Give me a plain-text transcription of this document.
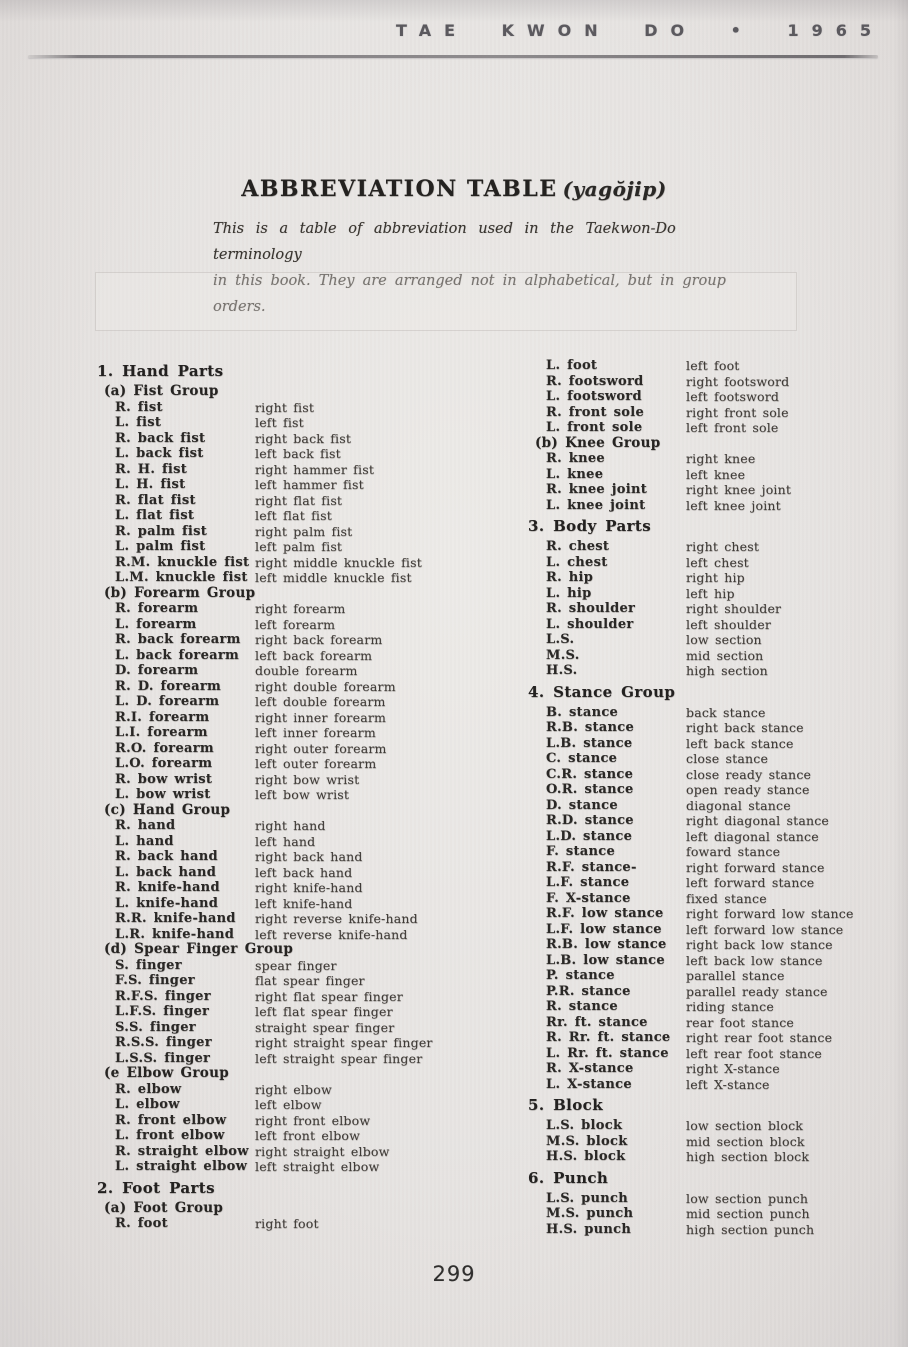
TAE KWON DO • 1965
ABBREVIATION TABLE (yagŏjip)
This is a table of abbreviation used in the Taekwon-Do terminology
in this book. They are arranged not in alphabetical, but in group orders.
1. Hand Parts
(a) Fist Group
R. fist	right fist
L. fist	left fist
R. back fist	right back fist
L. back fist	left back fist
R. H. fist	right hammer fist
L. H. fist	left hammer fist
R. flat fist	right flat fist
L. flat fist	left flat fist
R. palm fist	right palm fist
L. palm fist	left palm fist
R.M. knuckle fist right middle knuckle fist
L.M. knuckle fist left middle knuckle fist
(b) Forearm Group
R. forearm	right forearm
L. forearm	left forearm
R. back forearm	right back forearm
L. back forearm	left back forearm
D. forearm	double forearm
R. D. forearm	right double forearm
L. D. forearm	left double forearm
R.I. forearm	right inner forearm
L.I. forearm	left inner forearm
R.O. forearm	right outer forearm
L.O. forearm	left outer forearm
R. bow wrist	right bow wrist
L. bow wrist	left bow wrist
(c) Hand Group
R. hand	right hand
L. hand	left hand
R. back hand	right back hand
L. back hand	left back hand
R. knife-hand	right knife-hand
L. knife-hand	left knife-hand
R.R. knife-hand	right reverse knife-hand
L.R. knife-hand	left reverse knife-hand
(d) Spear Finger Group
S. finger	spear finger
F.S. finger	flat spear finger
R.F.S. finger	right flat spear finger
L.F.S. finger	left flat spear finger
S.S. finger	straight spear finger
R.S.S. finger	right straight spear finger
L.S.S. finger	left straight spear finger
(e Elbow Group
R. elbow	right elbow
L. elbow	left elbow
R. front elbow	right front elbow
L. front elbow	left front elbow
R. straight elbow right straight elbow
L. straight elbow left straight elbow
2. Foot Parts
(a) Foot Group
R. foot	right foot
L. foot	left foot
R. footsword	right footsword
L. footsword	left footsword
R. front sole	right front sole
L. front sole	left front sole
(b) Knee Group
R. knee	right knee
L. knee	left knee
R. knee joint	right knee joint
L. knee joint	left knee joint
3. Body Parts
R. chest	right chest
L. chest	left chest
R. hip	right hip
L. hip	left hip
R. shoulder	right shoulder
L. shoulder	left shoulder
L.S.	low section
M.S.	mid section
H.S.	high section
4. Stance Group
B. stance	back stance
R.B. stance	right back stance
L.B. stance	left back stance
C. stance	close stance
C.R. stance	close ready stance
O.R. stance	open ready stance
D. stance	diagonal stance
R.D. stance	right diagonal stance
L.D. stance	left diagonal stance
F. stance	foward stance
R.F. stance-	right forward stance
L.F. stance	left forward stance
F. X-stance	fixed stance
R.F. low stance	right forward low stance
L.F. low stance	left forward low stance
R.B. low stance	right back low stance
L.B. low stance	left back low stance
P. stance	parallel stance
P.R. stance	parallel ready stance
R. stance	riding stance
Rr. ft. stance	rear foot stance
R. Rr. ft. stance	right rear foot stance
L. Rr. ft. stance	left rear foot stance
R. X-stance	right X-stance
L. X-stance	left X-stance
5. Block
L.S. block	low section block
M.S. block	mid section block
H.S. block	high section block
6. Punch
L.S. punch	low section punch
M.S. punch	mid section punch
H.S. punch	high section punch
299
